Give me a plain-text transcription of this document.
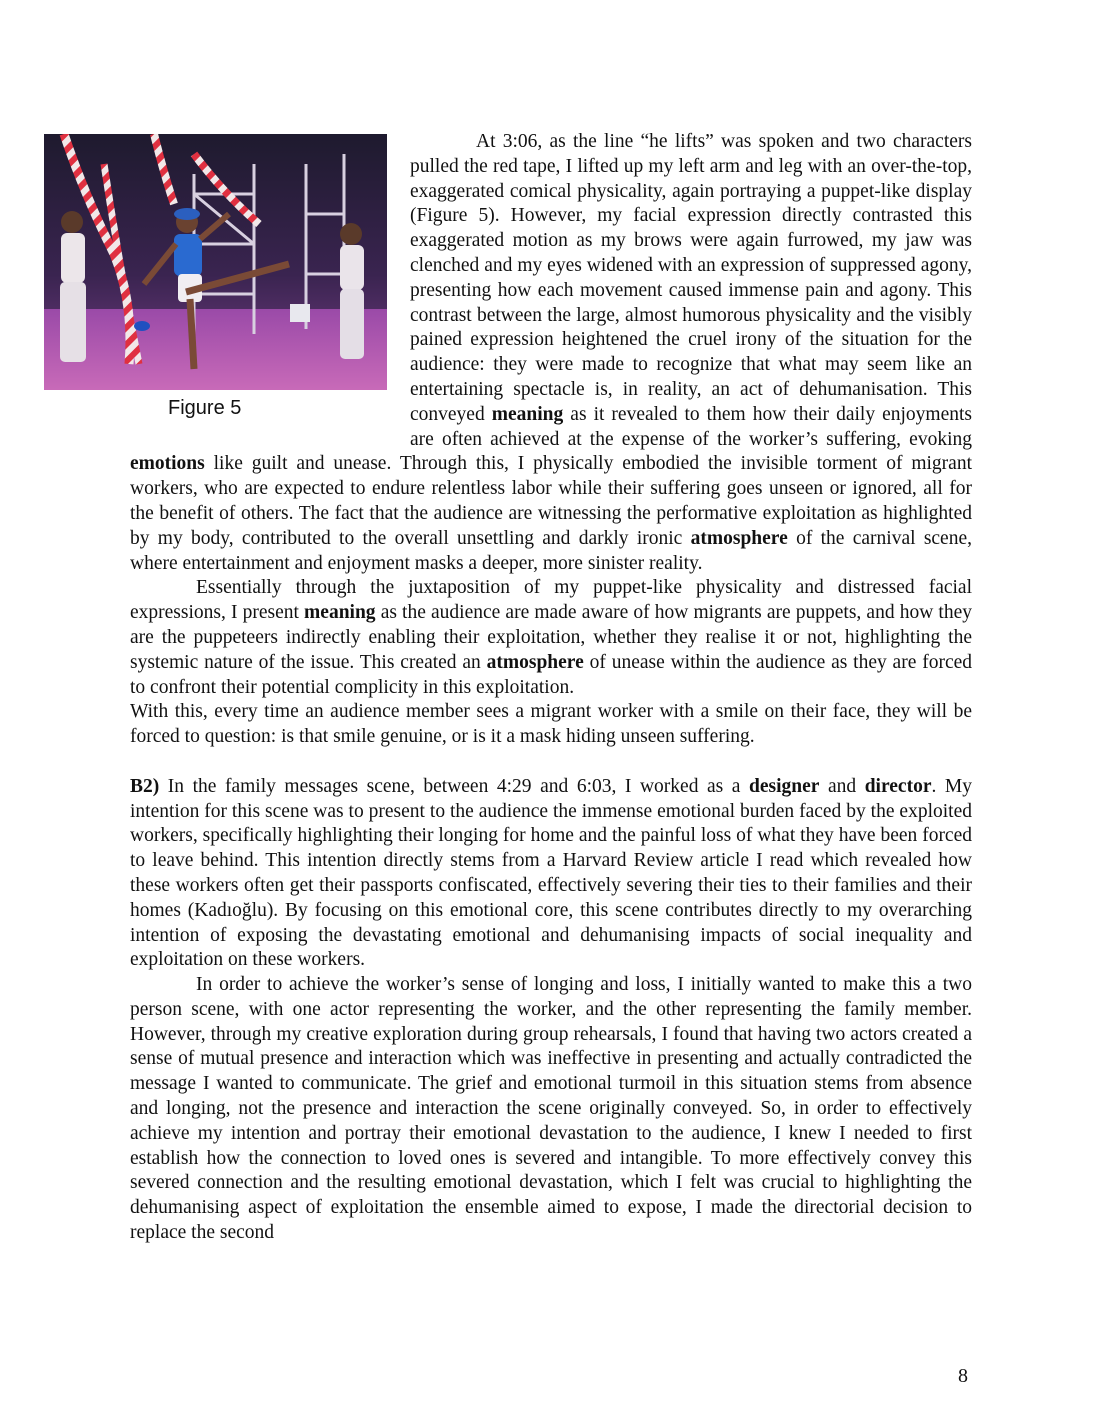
Figure 5

At 3:06, as the line “he lifts” was spoken and two characters pulled the red tape, I lifted up my left arm and leg with an over-the-top, exaggerated comical physicality, again portraying a puppet-like display (Figure 5). However, my facial expression directly contrasted this exaggerated motion as my brows were again furrowed, my jaw was clenched and my eyes widened with an expression of suppressed agony, presenting how each movement caused immense pain and agony. This contrast between the large, almost humorous physicality and the visibly pained expression heightened the cruel irony of the situation for the audience: they were made to recognize that what may seem like an entertaining spectacle is, in reality, an act of dehumanisation. This conveyed meaning as it revealed to them how their daily enjoyments are often achieved at the expense of the worker’s suffering, evoking emotions like guilt and unease. Through this, I physically embodied the invisible torment of migrant workers, who are expected to endure relentless labor while their suffering goes unseen or ignored, all for the benefit of others. The fact that the audience are witnessing the performative exploitation as highlighted by my body, contributed to the overall unsettling and darkly ironic atmosphere of the carnival scene, where entertainment and enjoyment masks a deeper, more sinister reality.

Essentially through the juxtaposition of my puppet-like physicality and distressed facial expressions, I present meaning as the audience are made aware of how migrants are puppets, and how they are the puppeteers indirectly enabling their exploitation, whether they realise it or not, highlighting the systemic nature of the issue. This created an atmosphere of unease within the audience as they are forced to confront their potential complicity in this exploitation.

With this, every time an audience member sees a migrant worker with a smile on their face, they will be forced to question: is that smile genuine, or is it a mask hiding unseen suffering.

B2) In the family messages scene, between 4:29 and 6:03, I worked as a designer and director. My intention for this scene was to present to the audience the immense emotional burden faced by the exploited workers, specifically highlighting their longing for home and the painful loss of what they have been forced to leave behind. This intention directly stems from a Harvard Review article I read which revealed how these workers often get their passports confiscated, effectively severing their ties to their families and their homes (Kadıoğlu). By focusing on this emotional core, this scene contributes directly to my overarching intention of exposing the devastating emotional and dehumanising impacts of social inequality and exploitation on these workers.

In order to achieve the worker’s sense of longing and loss, I initially wanted to make this a two person scene, with one actor representing the worker, and the other representing the family member. However, through my creative exploration during group rehearsals, I found that having two actors created a sense of mutual presence and interaction which was ineffective in presenting and actually contradicted the message I wanted to communicate. The grief and emotional turmoil in this situation stems from absence and longing, not the presence and interaction the scene originally conveyed. So, in order to effectively achieve my intention and portray their emotional devastation to the audience, I knew I needed to first establish how the connection to loved ones is severed and intangible. To more effectively convey this severed connection and the resulting emotional devastation, which I felt was crucial to highlighting the dehumanising aspect of exploitation the ensemble aimed to expose, I made the directorial decision to replace the second

8
